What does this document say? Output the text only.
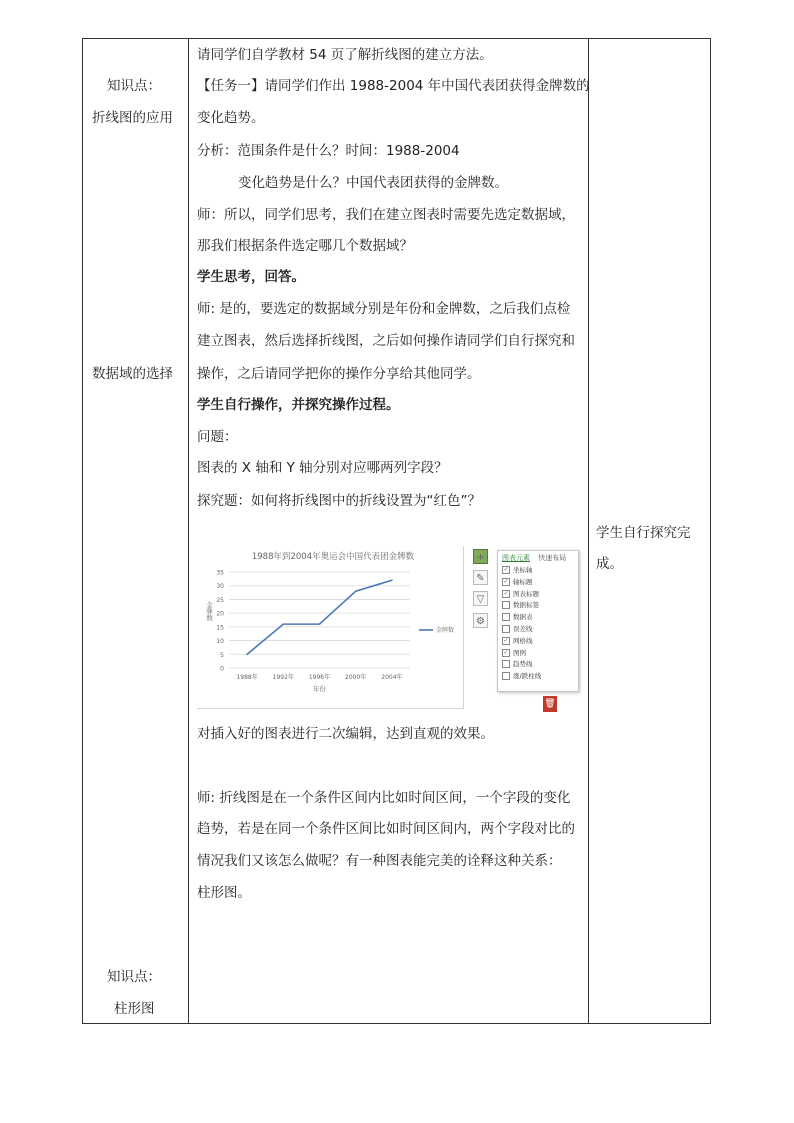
知识点：
折线图的应用
数据域的选择
知识点：
柱形图
学生自行探究完
成。
请同学们自学教材 54 页了解折线图的建立方法。
【任务一】请同学们作出 1988-2004 年中国代表团获得金牌数的
变化趋势。
分析：范围条件是什么？时间：1988-2004
变化趋势是什么？中国代表团获得的金牌数。
师：所以，同学们思考，我们在建立图表时需要先选定数据域，
那我们根据条件选定哪几个数据域？
学生思考，回答。
师: 是的，要选定的数据域分别是年份和金牌数，之后我们点检
建立图表，然后选择折线图，之后如何操作请同学们自行探究和
操作，之后请同学把你的操作分享给其他同学。
学生自行操作，并探究操作过程。
问题：
图表的 X 轴和 Y 轴分别对应哪两列字段？
探究题：如何将折线图中的折线设置为“红色”？
1988年到2004年奥运会中国代表团金牌数
0
5
10
15
20
25
30
35
1988年 1992年 1996年 2000年 2004年
年份
金牌数
金牌数
+
✎
▽
⚙
图表元素 快速布局
✓ 坐标轴
✓ 轴标题
✓ 图表标题
数据标签
数据表
误差线
✓ 网格线
✓ 图例
趋势线
涨/跌柱线
🗑
对插入好的图表进行二次编辑，达到直观的效果。
师: 折线图是在一个条件区间内比如时间区间，一个字段的变化
趋势，若是在同一个条件区间比如时间区间内，两个字段对比的
情况我们又该怎么做呢？有一种图表能完美的诠释这种关系：
柱形图。
